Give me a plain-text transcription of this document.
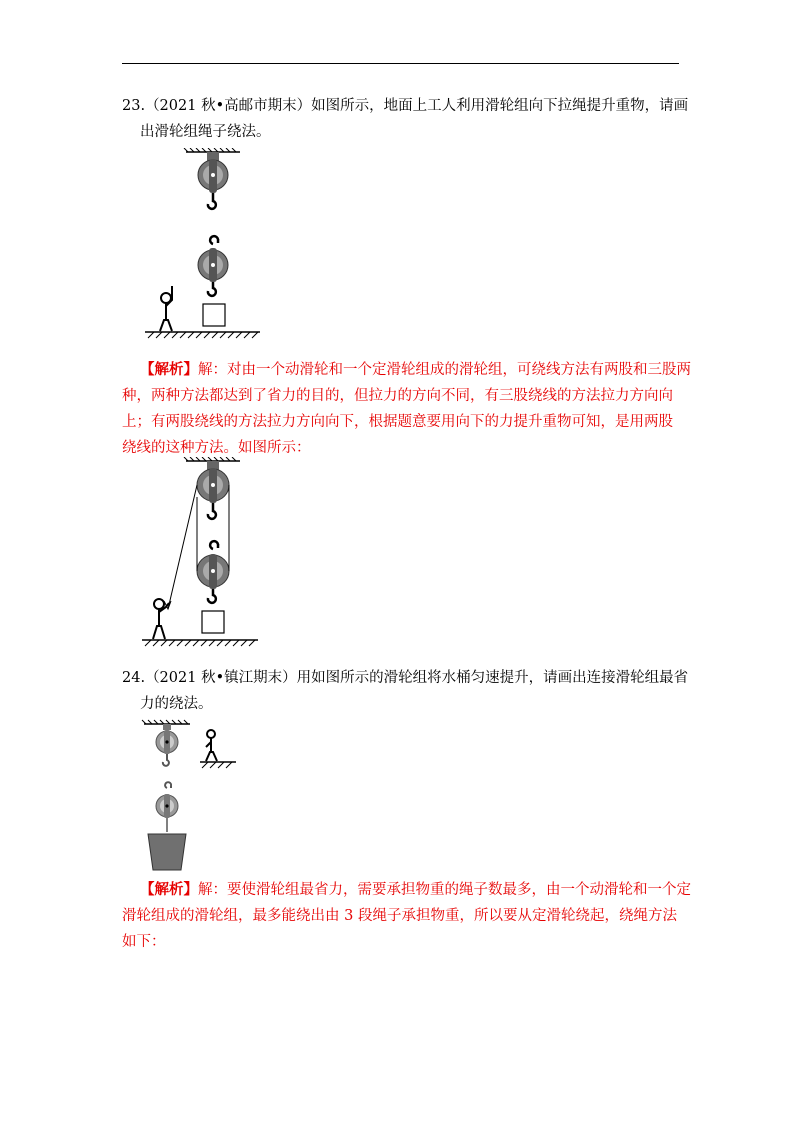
23.（2021 秋•高邮市期末）如图所示，地面上工人利用滑轮组向下拉绳提升重物，请画
出滑轮组绳子绕法。
【解析】解：对由一个动滑轮和一个定滑轮组成的滑轮组，可绕线方法有两股和三股两
种，两种方法都达到了省力的目的，但拉力的方向不同，有三股绕线的方法拉力方向向
上；有两股绕线的方法拉力方向向下，根据题意要用向下的力提升重物可知，是用两股
绕线的这种方法。如图所示：
24.（2021 秋•镇江期末）用如图所示的滑轮组将水桶匀速提升，请画出连接滑轮组最省
力的绕法。
【解析】解：要使滑轮组最省力，需要承担物重的绳子数最多，由一个动滑轮和一个定
滑轮组成的滑轮组，最多能绕出由 3 段绳子承担物重，所以要从定滑轮绕起，绕绳方法
如下：
